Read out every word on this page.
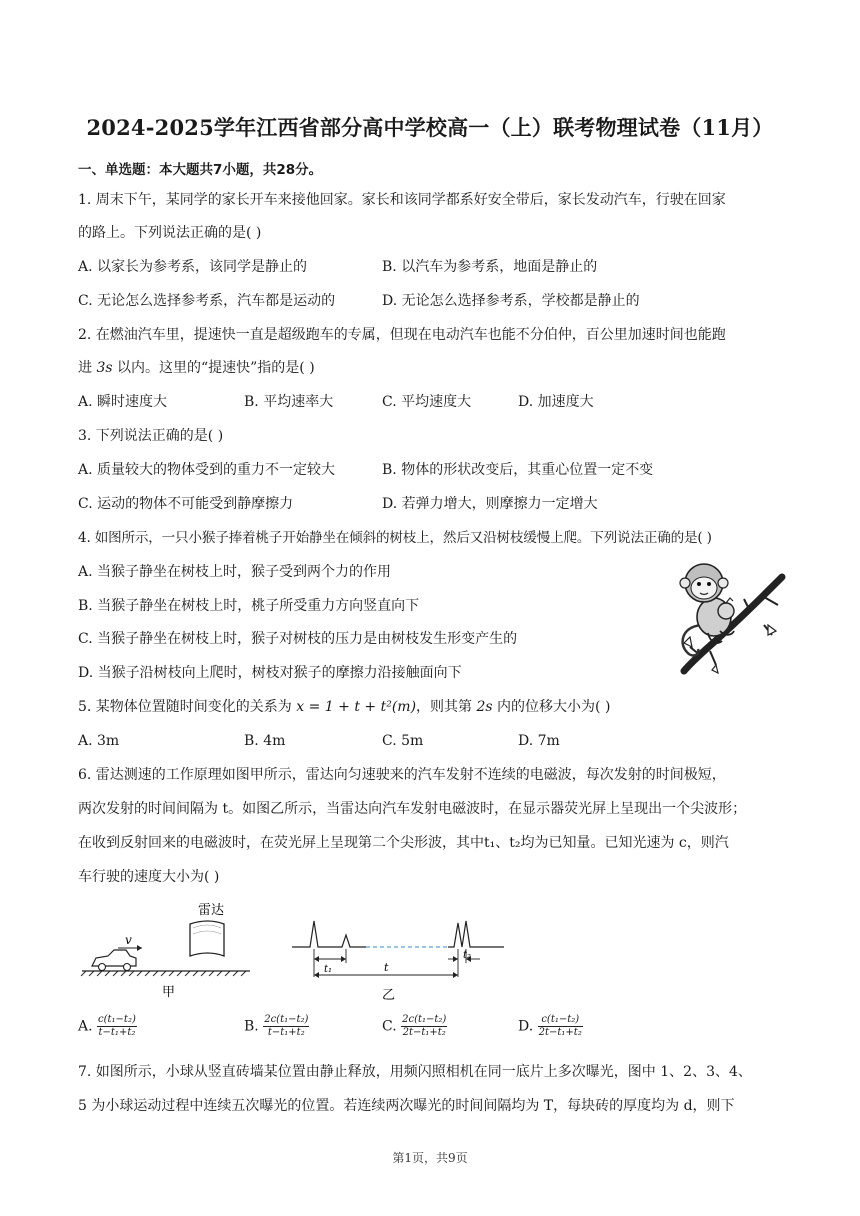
2024-2025学年江西省部分高中学校高一（上）联考物理试卷（11月）
一、单选题：本大题共7小题，共28分。
1. 周末下午，某同学的家长开车来接他回家。家长和该同学都系好安全带后，家长发动汽车，行驶在回家
的路上。下列说法正确的是( )
A. 以家长为参考系，该同学是静止的	B. 以汽车为参考系，地面是静止的
C. 无论怎么选择参考系，汽车都是运动的	D. 无论怎么选择参考系，学校都是静止的
2. 在燃油汽车里，提速快一直是超级跑车的专属，但现在电动汽车也能不分伯仲，百公里加速时间也能跑
进 3s 以内。这里的“提速快”指的是( )
A. 瞬时速度大	B. 平均速率大	C. 平均速度大	D. 加速度大
3. 下列说法正确的是( )
A. 质量较大的物体受到的重力不一定较大	B. 物体的形状改变后，其重心位置一定不变
C. 运动的物体不可能受到静摩擦力	D. 若弹力增大，则摩擦力一定增大
4. 如图所示，一只小猴子捧着桃子开始静坐在倾斜的树枝上，然后又沿树枝缓慢上爬。下列说法正确的是( )
A. 当猴子静坐在树枝上时，猴子受到两个力的作用
B. 当猴子静坐在树枝上时，桃子所受重力方向竖直向下
C. 当猴子静坐在树枝上时，猴子对树枝的压力是由树枝发生形变产生的
D. 当猴子沿树枝向上爬时，树枝对猴子的摩擦力沿接触面向下
5. 某物体位置随时间变化的关系为 x = 1 + t + t²(m)，则其第 2s 内的位移大小为( )
A. 3m	B. 4m	C. 5m	D. 7m
6. 雷达测速的工作原理如图甲所示，雷达向匀速驶来的汽车发射不连续的电磁波，每次发射的时间极短，
两次发射的时间间隔为 t。如图乙所示，当雷达向汽车发射电磁波时，在显示器荧光屏上呈现出一个尖波形；
在收到反射回来的电磁波时，在荧光屏上呈现第二个尖形波，其中t₁、t₂均为已知量。已知光速为 c，则汽
车行驶的速度大小为( )
雷达
v
甲
t₁	t
t₂
乙
A. $\frac{\text{c(t₁−t₂)}}{\text{t−t₁+t₂}}$	B. $\frac{\text{2c(t₁−t₂)}}{\text{t−t₁+t₂}}$	C. $\frac{\text{2c(t₁−t₂)}}{\text{2t−t₁+t₂}}$	D. $\frac{\text{c(t₁−t₂)}}{\text{2t−t₁+t₂}}$
7. 如图所示，小球从竖直砖墙某位置由静止释放，用频闪照相机在同一底片上多次曝光，图中 1、2、3、4、
5 为小球运动过程中连续五次曝光的位置。若连续两次曝光的时间间隔均为 T，每块砖的厚度均为 d，则下
第1页，共9页
